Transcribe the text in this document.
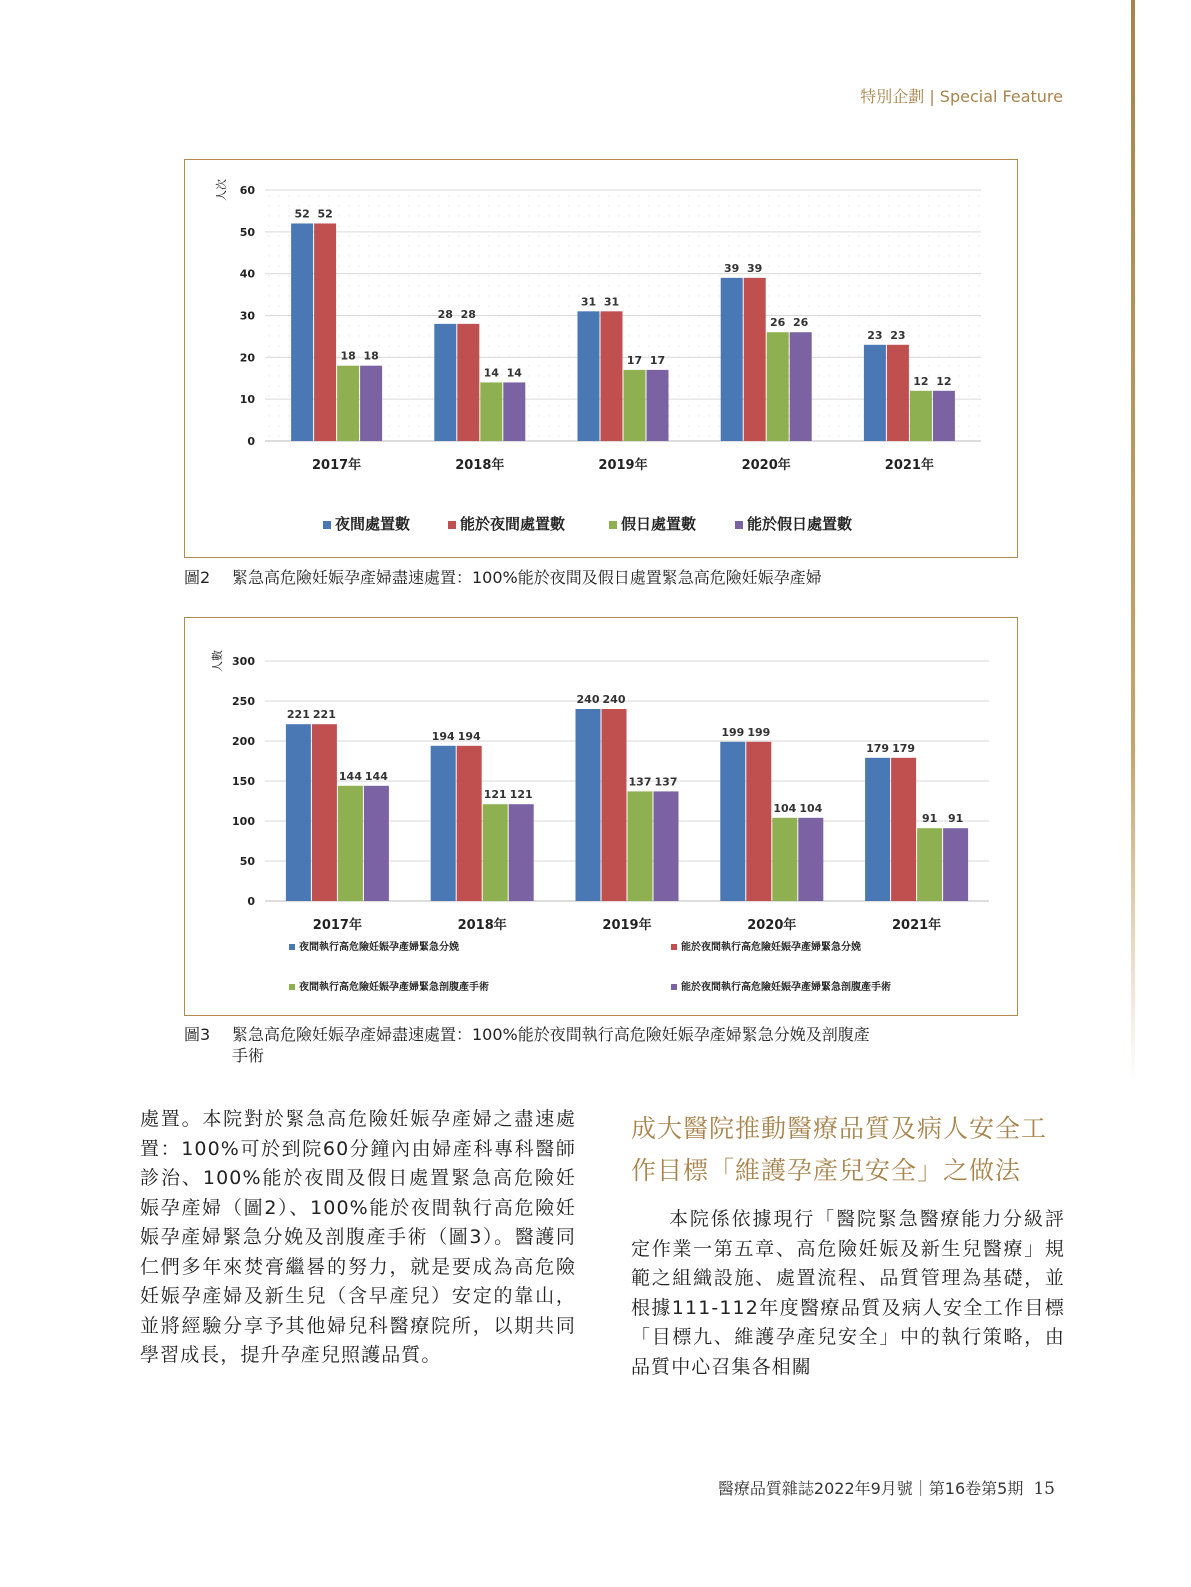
特別企劃 | Special Feature
0
10
20
30
40
50
60
人次
52 52
18 18
2017年
28 28
14 14
2018年
31 31
17 17
2019年
39 39
26 26
2020年
23 23
12 12
2021年
夜間處置數	能於夜間處置數	假日處置數	能於假日處置數
圖2 緊急高危險妊娠孕產婦盡速處置：100%能於夜間及假日處置緊急高危險妊娠孕產婦
0
50
100
150
200
250
300
人數
221 221
144 144
2017年
194 194
121 121
2018年
240 240
137 137
2019年
199 199
104 104
2020年
179 179
91 91
2021年
夜間執行高危險妊娠孕產婦緊急分娩	能於夜間執行高危險妊娠孕產婦緊急分娩
夜間執行高危險妊娠孕產婦緊急剖腹產手術	能於夜間執行高危險妊娠孕產婦緊急剖腹產手術
圖3 緊急高危險妊娠孕產婦盡速處置：100%能於夜間執行高危險妊娠孕產婦緊急分娩及剖腹產
手術

處置。本院對於緊急高危險妊娠孕產婦之盡速處置：100%可於到院60分鐘內由婦產科專科醫師診治、100%能於夜間及假日處置緊急高危險妊娠孕產婦（圖2）、100%能於夜間執行高危險妊娠孕產婦緊急分娩及剖腹產手術（圖3）。醫護同仁們多年來焚膏繼晷的努力，就是要成為高危險妊娠孕產婦及新生兒（含早產兒）安定的靠山，並將經驗分享予其他婦兒科醫療院所，以期共同學習成長，提升孕產兒照護品質。

成大醫院推動醫療品質及病人安全工作目標「維護孕產兒安全」之做法

本院係依據現行「醫院緊急醫療能力分級評定作業一第五章、高危險妊娠及新生兒醫療」規範之組織設施、處置流程、品質管理為基礎，並根據111-112年度醫療品質及病人安全工作目標「目標九、維護孕產兒安全」中的執行策略，由品質中心召集各相關

醫療品質雜誌2022年9月號｜第16卷第5期 15
